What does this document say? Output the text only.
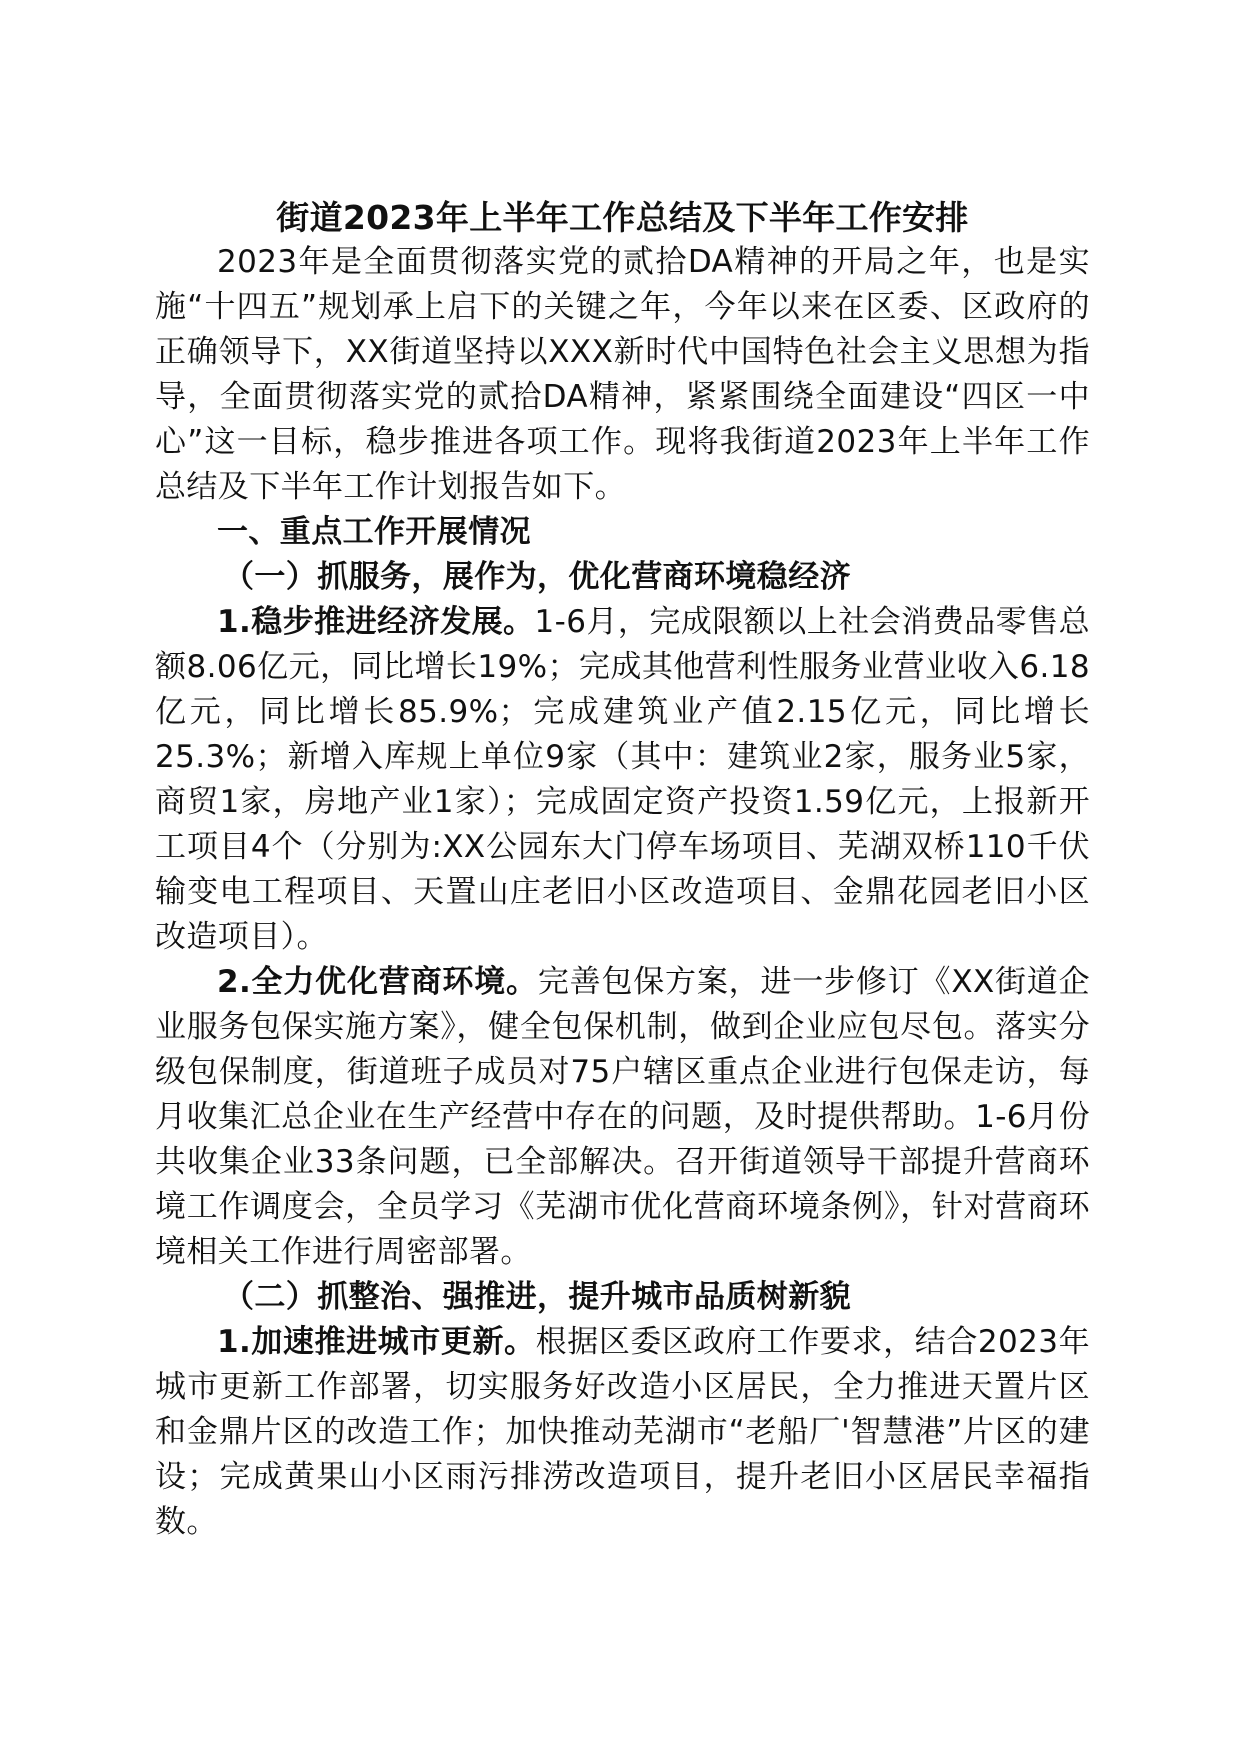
街道2023年上半年工作总结及下半年工作安排

2023年是全面贯彻落实党的贰拾DA精神的开局之年，也是实施“十四五”规划承上启下的关键之年，今年以来在区委、区政府的正确领导下，XX街道坚持以XXX新时代中国特色社会主义思想为指导，全面贯彻落实党的贰拾DA精神，紧紧围绕全面建设“四区一中心”这一目标，稳步推进各项工作。现将我街道2023年上半年工作总结及下半年工作计划报告如下。

一、重点工作开展情况

（一）抓服务，展作为，优化营商环境稳经济

1.稳步推进经济发展。1-6月，完成限额以上社会消费品零售总额8.06亿元，同比增长19%；完成其他营利性服务业营业收入6.18亿元，同比增长85.9%；完成建筑业产值2.15亿元，同比增长25.3%；新增入库规上单位9家（其中：建筑业2家，服务业5家，商贸1家，房地产业1家）；完成固定资产投资1.59亿元，上报新开工项目4个（分别为:XX公园东大门停车场项目、芜湖双桥110千伏输变电工程项目、天置山庄老旧小区改造项目、金鼎花园老旧小区改造项目）。

2.全力优化营商环境。完善包保方案，进一步修订《XX街道企业服务包保实施方案》，健全包保机制，做到企业应包尽包。落实分级包保制度，街道班子成员对75户辖区重点企业进行包保走访，每月收集汇总企业在生产经营中存在的问题，及时提供帮助。1-6月份共收集企业33条问题，已全部解决。召开街道领导干部提升营商环境工作调度会，全员学习《芜湖市优化营商环境条例》，针对营商环境相关工作进行周密部署。

（二）抓整治、强推进，提升城市品质树新貌

1.加速推进城市更新。根据区委区政府工作要求，结合2023年城市更新工作部署，切实服务好改造小区居民，全力推进天置片区和金鼎片区的改造工作；加快推动芜湖市“老船厂'智慧港”片区的建设；完成黄果山小区雨污排涝改造项目，提升老旧小区居民幸福指数。
